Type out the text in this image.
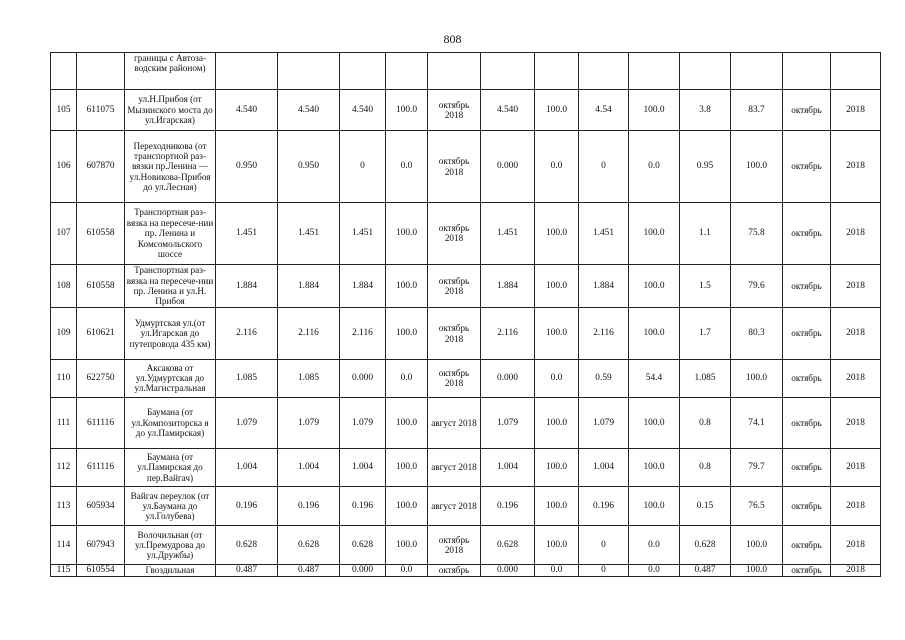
808
		границы с Автоза-водским районом)													
105	611075	ул.Н.Прибоя (от Мызинского моста до ул.Игарская)	4.540	4.540	4.540	100.0	октябрь 2018	4.540	100.0	4.54	100.0	3.8	83.7	октябрь	2018
106	607870	Переходникова (от транспортной раз-вязки пр.Ленина — ул.Новикова-Прибоя до ул.Лесная)	0.950	0.950	0	0.0	октябрь 2018	0.000	0.0	0	0.0	0.95	100.0	октябрь	2018
107	610558	Транспортная раз-вязка на пересече-нии пр. Ленина и Комсомольского шоссе	1.451	1.451	1.451	100.0	октябрь 2018	1.451	100.0	1.451	100.0	1.1	75.8	октябрь	2018
108	610558	Транспортная раз-вязка на пересече-нии пр. Ленина и ул.Н. Прибоя	1.884	1.884	1.884	100.0	октябрь 2018	1.884	100.0	1.884	100.0	1.5	79.6	октябрь	2018
109	610621	Удмуртская ул.(от ул.Игарская до путепровода 435 км)	2.116	2.116	2.116	100.0	октябрь 2018	2.116	100.0	2.116	100.0	1.7	80.3	октябрь	2018
110	622750	Аксакова от ул.Удмуртская до ул.Магистральная	1.085	1.085	0.000	0.0	октябрь 2018	0.000	0.0	0.59	54.4	1.085	100.0	октябрь	2018
111	611116	Баумана (от ул.Композиторска я до ул.Памирская)	1.079	1.079	1.079	100.0	август 2018	1.079	100.0	1.079	100.0	0.8	74.1	октябрь	2018
112	611116	Баумана (от ул.Памирская до пер.Вайгач)	1.004	1.004	1.004	100.0	август 2018	1.004	100.0	1.004	100.0	0.8	79.7	октябрь	2018
113	605934	Вайгач переулок (от ул.Баумана до ул.Голубева)	0.196	0.196	0.196	100.0	август 2018	0.196	100.0	0.196	100.0	0.15	76.5	октябрь	2018
114	607943	Волочильная (от ул.Премудрова до ул.Дружбы)	0.628	0.628	0.628	100.0	октябрь 2018	0.628	100.0	0	0.0	0.628	100.0	октябрь	2018
115	610554	Гвоздильная	0.487	0.487	0.000	0.0	октябрь	0.000	0.0	0	0.0	0.487	100.0	октябрь	2018
